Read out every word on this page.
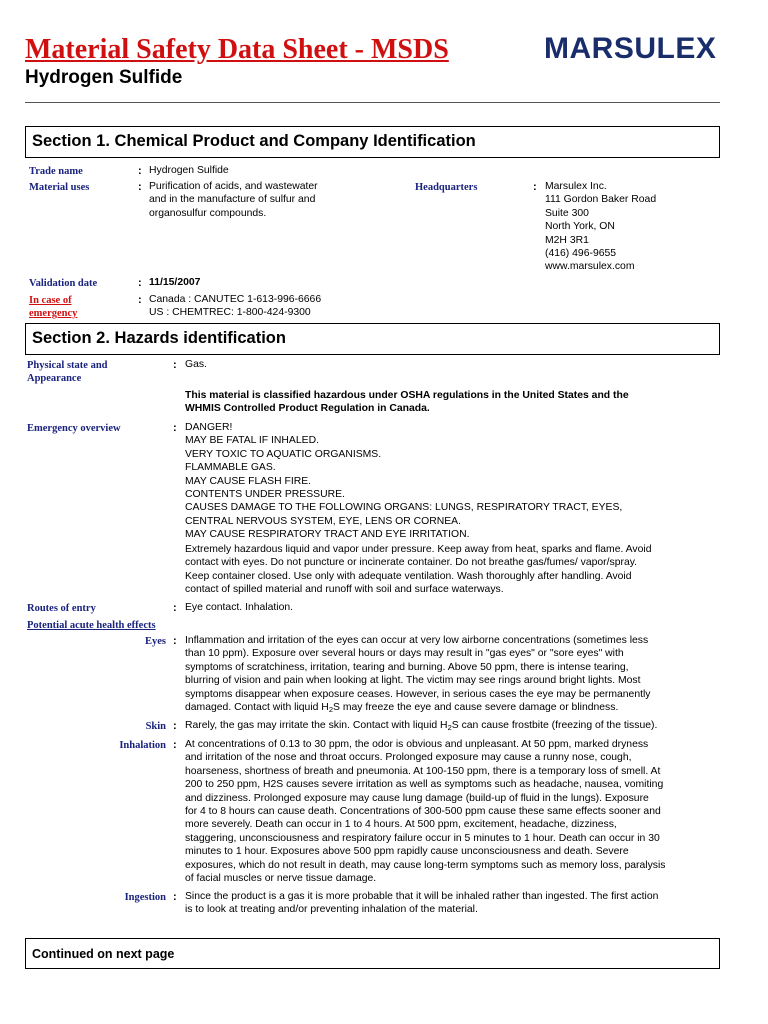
Material Safety Data Sheet - MSDS
Hydrogen Sulfide
MARSULEX
Section 1. Chemical Product and Company Identification
Trade name	: Hydrogen Sulfide
Material uses	: Purification of acids, and wastewater
and in the manufacture of sulfur and
organosulfur compounds.
Headquarters	: Marsulex Inc.
111 Gordon Baker Road
Suite 300
North York, ON
M2H 3R1
(416) 496-9655
www.marsulex.com
Validation date	: 11/15/2007
In case of
emergency
: Canada : CANUTEC 1-613-996-6666
US : CHEMTREC: 1-800-424-9300
Section 2. Hazards identification
Physical state and
Appearance
: Gas.
This material is classified hazardous under OSHA regulations in the United States and the
WHMIS Controlled Product Regulation in Canada.
Emergency overview	: DANGER!
MAY BE FATAL IF INHALED.
VERY TOXIC TO AQUATIC ORGANISMS.
FLAMMABLE GAS.
MAY CAUSE FLASH FIRE.
CONTENTS UNDER PRESSURE.
CAUSES DAMAGE TO THE FOLLOWING ORGANS: LUNGS, RESPIRATORY TRACT, EYES,
CENTRAL NERVOUS SYSTEM, EYE, LENS OR CORNEA.
MAY CAUSE RESPIRATORY TRACT AND EYE IRRITATION.
Extremely hazardous liquid and vapor under pressure. Keep away from heat, sparks and flame. Avoid
contact with eyes. Do not puncture or incinerate container. Do not breathe gas/fumes/ vapor/spray.
Keep container closed. Use only with adequate ventilation. Wash thoroughly after handling. Avoid
contact of spilled material and runoff with soil and surface waterways.
Routes of entry	: Eye contact. Inhalation.
Potential acute health effects
Eyes : Inflammation and irritation of the eyes can occur at very low airborne concentrations (sometimes less
than 10 ppm). Exposure over several hours or days may result in "gas eyes" or "sore eyes" with
symptoms of scratchiness, irritation, tearing and burning. Above 50 ppm, there is intense tearing,
blurring of vision and pain when looking at light. The victim may see rings around bright lights. Most
symptoms disappear when exposure ceases. However, in serious cases the eye may be permanently
damaged. Contact with liquid $H_2S$ may freeze the eye and cause severe damage or blindness.
Skin : Rarely, the gas may irritate the skin. Contact with liquid $H_2S$ can cause frostbite (freezing of the tissue).
Inhalation : At concentrations of 0.13 to 30 ppm, the odor is obvious and unpleasant. At 50 ppm, marked dryness
and irritation of the nose and throat occurs. Prolonged exposure may cause a runny nose, cough,
hoarseness, shortness of breath and pneumonia. At 100-150 ppm, there is a temporary loss of smell. At
200 to 250 ppm, H2S causes severe irritation as well as symptoms such as headache, nausea, vomiting
and dizziness. Prolonged exposure may cause lung damage (build-up of fluid in the lungs). Exposure
for 4 to 8 hours can cause death. Concentrations of 300-500 ppm cause these same effects sooner and
more severely. Death can occur in 1 to 4 hours. At 500 ppm, excitement, headache, dizziness,
staggering, unconsciousness and respiratory failure occur in 5 minutes to 1 hour. Death can occur in 30
minutes to 1 hour. Exposures above 500 ppm rapidly cause unconsciousness and death. Severe
exposures, which do not result in death, may cause long-term symptoms such as memory loss, paralysis
of facial muscles or nerve tissue damage.
Ingestion : Since the product is a gas it is more probable that it will be inhaled rather than ingested. The first action
is to look at treating and/or preventing inhalation of the material.
Continued on next page
